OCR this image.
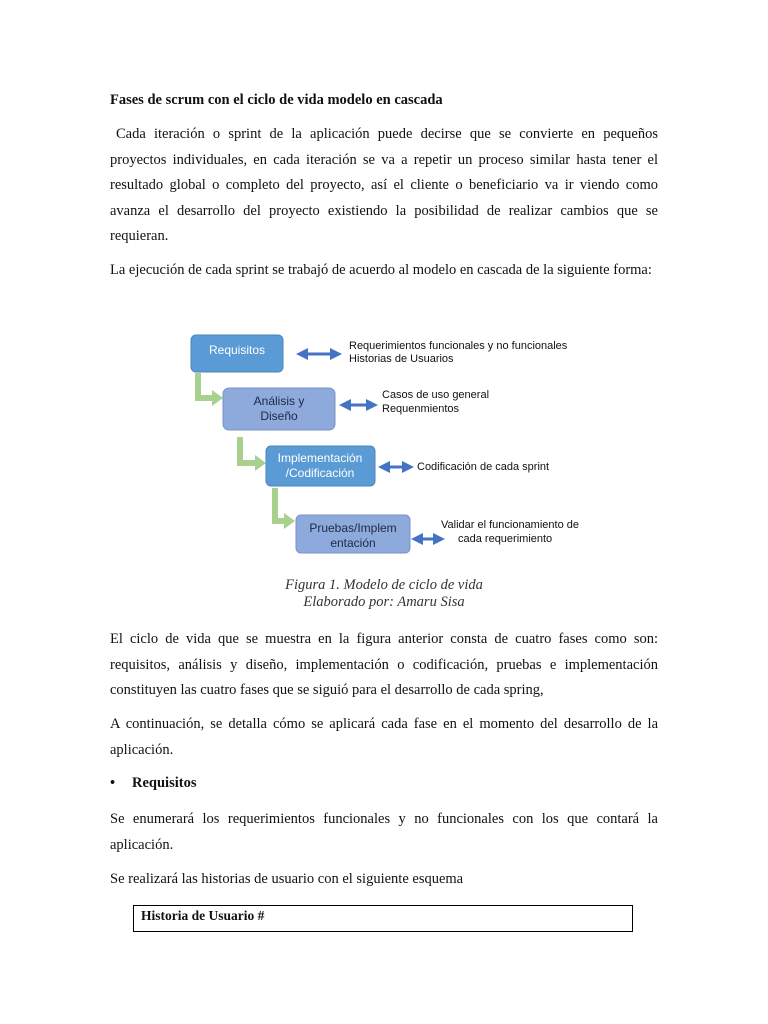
Fases de scrum con el ciclo de vida modelo en cascada
Cada iteración o sprint de la aplicación puede decirse que se convierte en pequeños proyectos individuales, en cada iteración se va a repetir un proceso similar hasta tener el resultado global o completo del proyecto, así el cliente o beneficiario va ir viendo como avanza el desarrollo del proyecto existiendo la posibilidad de realizar cambios que se requieran.
La ejecución de cada sprint se trabajó de acuerdo al modelo en cascada de la siguiente forma:
Requisitos	Requerimientos funcionales y no funcionales
Historias de Usuarios
Análisis y
Diseño
Casos de uso general
Requenmientos
Implementación
/Codificación	Codificación de cada sprint
Pruebas/Implem
entación
Validar el funcionamiento de
cada requerimiento
Figura 1. Modelo de ciclo de vida
Elaborado por: Amaru Sisa
El ciclo de vida que se muestra en la figura anterior consta de cuatro fases como son: requisitos, análisis y diseño, implementación o codificación, pruebas e implementación constituyen las cuatro fases que se siguió para el desarrollo de cada spring,
A continuación, se detalla cómo se aplicará cada fase en el momento del desarrollo de la aplicación.
• Requisitos
Se enumerará los requerimientos funcionales y no funcionales con los que contará la aplicación.
Se realizará las historias de usuario con el siguiente esquema
Historia de Usuario #
